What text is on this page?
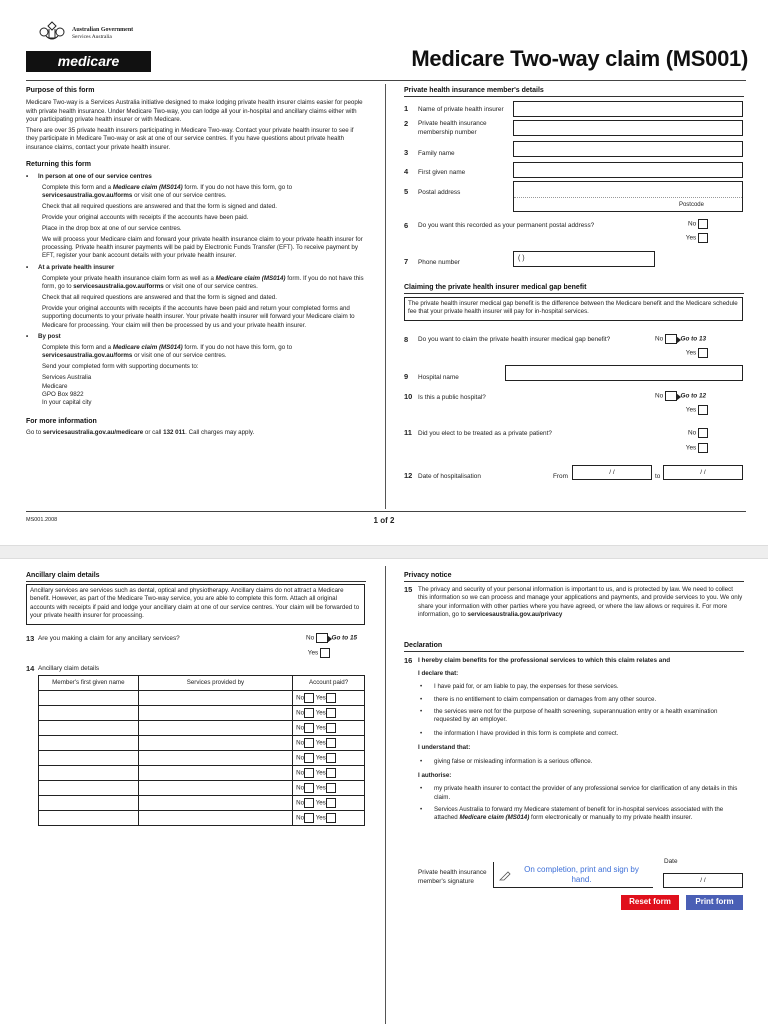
Australian Government
Services Australia
medicare	Medicare Two-way claim (MS001)
Purpose of this form

Medicare Two-way is a Services Australia initiative designed to make lodging private health insurer claims easier for people with private health insurance. Under Medicare Two-way, you can lodge all your in-hospital and ancillary claims either with your participating private health insurer or with Medicare.

There are over 35 private health insurers participating in Medicare Two-way. Contact your private health insurer to see if they participate in Medicare Two-way or ask at one of our service centres. If you have questions about private health insurance claims, contact your private health insurer.

Returning this form
• In person at one of our service centres

Complete this form and a Medicare claim (MS014) form. If you do not have this form, go to servicesaustralia.gov.au/forms or visit one of our service centres.

Check that all required questions are answered and that the form is signed and dated.

Provide your original accounts with receipts if the accounts have been paid.

Place in the drop box at one of our service centres.

We will process your Medicare claim and forward your private health insurance claim to your private health insurer for processing. Private health insurer payments will be paid by Electronic Funds Transfer (EFT). To receive payment by EFT, register your bank account details with your private health insurer.

• At a private health insurer

Complete your private health insurance claim form as well as a Medicare claim (MS014) form. If you do not have this form, go to servicesaustralia.gov.au/forms or visit one of our service centres.

Check that all required questions are answered and that the form is signed and dated.

Provide your original accounts with receipts if the accounts have been paid and return your completed forms and supporting documents to your private health insurer. Your private health insurer will forward your Medicare claim to Medicare for processing. Your claim will then be processed by us and your private health insurer.

• By post

Complete this form and a Medicare claim (MS014) form. If you do not have this form, go to servicesaustralia.gov.au/forms or visit one of our service centres.

Send your completed form with supporting documents to:

Services Australia
Medicare
GPO Box 9822
In your capital city
For more information

Go to servicesaustralia.gov.au/medicare or call 132 011. Call charges may apply.

Private health insurance member's details
1 Name of private health insurer
2 Private health insurance membership number
3 Family name
4 First given name
5 Postal address
Postcode
6 Do you want this recorded as your permanent postal address?	No
Yes
7 Phone number
( )
Claiming the private health insurer medical gap benefit
The private health insurer medical gap benefit is the difference between the Medicare benefit and the Medicare schedule fee that your private health insurer will pay for in-hospital services.
8 Do you want to claim the private health insurer medical gap benefit?	No	Go to 13
Yes
9 Hospital name
10 Is this a public hospital?	No	Go to 12
Yes
11 Did you elect to be treated as a private patient?	No
Yes
12 Date of hospitalisation	From
/ /
to
/ /
MS001.2008	1 of 2
Ancillary claim details
Ancillary services are services such as dental, optical and physiotherapy. Ancillary claims do not attract a Medicare benefit. However, as part of the Medicare Two-way service, you are able to complete this form. Attach all original accounts with receipts if paid and lodge your ancillary claim at one of our service centres. Your claim will be forwarded to your private health insurer for processing.
13 Are you making a claim for any ancillary services?	No	Go to 15
Yes
14 Ancillary claim details
Member's first given name	Services provided by	Account paid?
		No Yes
		No Yes
		No Yes
		No Yes
		No Yes
		No Yes
		No Yes
		No Yes
		No Yes
Privacy notice
15 The privacy and security of your personal information is important to us, and is protected by law. We need to collect this information so we can process and manage your applications and payments, and provide services to you. We only share your information with other parties where you have agreed, or where the law allows or requires it. For more information, go to servicesaustralia.gov.au/privacy
Declaration
16 I hereby claim benefits for the professional services to which this claim relates and
I declare that:
• I have paid for, or am liable to pay, the expenses for these services.
• there is no entitlement to claim compensation or damages from any other source.
• the services were not for the purpose of health screening, superannuation entry or a health examination requested by an employer.
• the information I have provided in this form is complete and correct.
I understand that:
• giving false or misleading information is a serious offence.
I authorise:
• my private health insurer to contact the provider of any professional service for clarification of any details in this claim.
• Services Australia to forward my Medicare statement of benefit for in-hospital services associated with the attached Medicare claim (MS014) form electronically or manually to my private health insurer.
Private health insurance member's signature
On completion, print and sign by hand.
Date
/ /
Reset form	Print form
